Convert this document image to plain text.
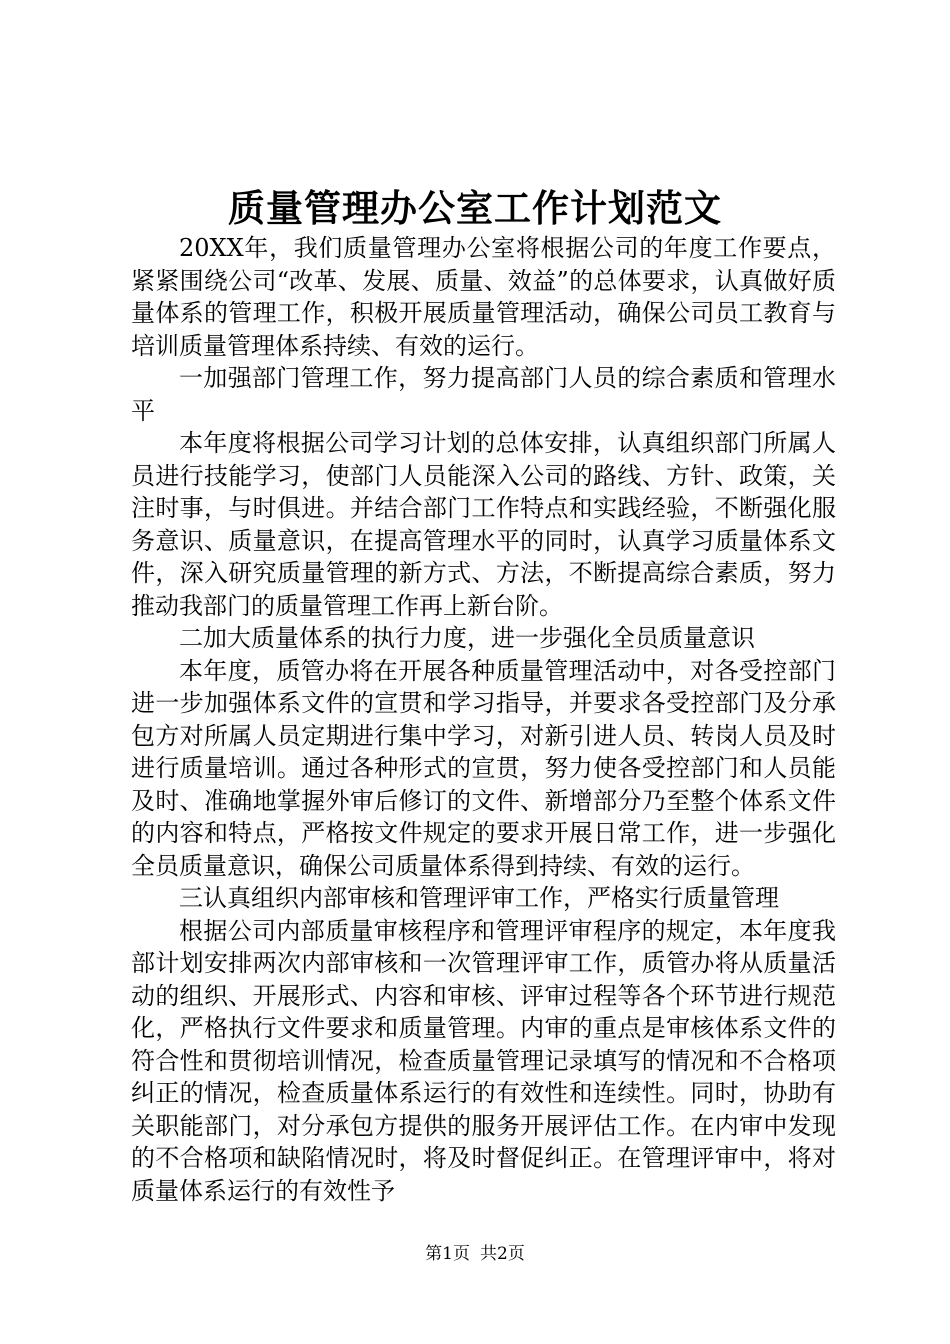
质量管理办公室工作计划范文

20XX年，我们质量管理办公室将根据公司的年度工作要点，紧紧围绕公司“改革、发展、质量、效益”的总体要求，认真做好质量体系的管理工作，积极开展质量管理活动，确保公司员工教育与培训质量管理体系持续、有效的运行。

一加强部门管理工作，努力提高部门人员的综合素质和管理水平

本年度将根据公司学习计划的总体安排，认真组织部门所属人员进行技能学习，使部门人员能深入公司的路线、方针、政策，关注时事，与时俱进。并结合部门工作特点和实践经验，不断强化服务意识、质量意识，在提高管理水平的同时，认真学习质量体系文件，深入研究质量管理的新方式、方法，不断提高综合素质，努力推动我部门的质量管理工作再上新台阶。

二加大质量体系的执行力度，进一步强化全员质量意识

本年度，质管办将在开展各种质量管理活动中，对各受控部门进一步加强体系文件的宣贯和学习指导，并要求各受控部门及分承包方对所属人员定期进行集中学习，对新引进人员、转岗人员及时进行质量培训。通过各种形式的宣贯，努力使各受控部门和人员能及时、准确地掌握外审后修订的文件、新增部分乃至整个体系文件的内容和特点，严格按文件规定的要求开展日常工作，进一步强化全员质量意识，确保公司质量体系得到持续、有效的运行。

三认真组织内部审核和管理评审工作，严格实行质量管理

根据公司内部质量审核程序和管理评审程序的规定，本年度我部计划安排两次内部审核和一次管理评审工作，质管办将从质量活动的组织、开展形式、内容和审核、评审过程等各个环节进行规范化，严格执行文件要求和质量管理。内审的重点是审核体系文件的符合性和贯彻培训情况，检查质量管理记录填写的情况和不合格项纠正的情况，检查质量体系运行的有效性和连续性。同时，协助有关职能部门，对分承包方提供的服务开展评估工作。在内审中发现的不合格项和缺陷情况时，将及时督促纠正。在管理评审中，将对质量体系运行的有效性予

第1页 共2页
